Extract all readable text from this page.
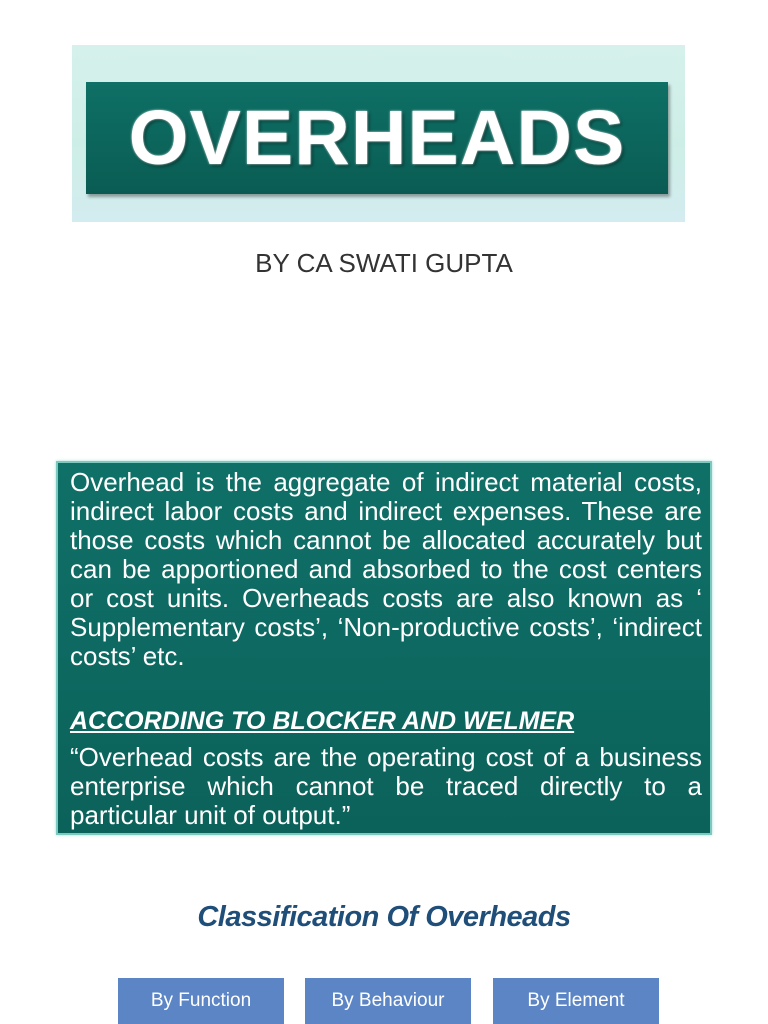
OVERHEADS
BY CA SWATI GUPTA

Overhead is the aggregate of indirect material costs, indirect labor costs and indirect expenses. These are those costs which cannot be allocated accurately but can be apportioned and absorbed to the cost centers or cost units. Overheads costs are also known as ‘ Supplementary costs’, ‘Non-productive costs’, ‘indirect costs’ etc.

ACCORDING TO BLOCKER AND WELMER

“Overhead costs are the operating cost of a business enterprise which cannot be traced directly to a particular unit of output.”

Classification Of Overheads
By Function	By Behaviour	By Element
